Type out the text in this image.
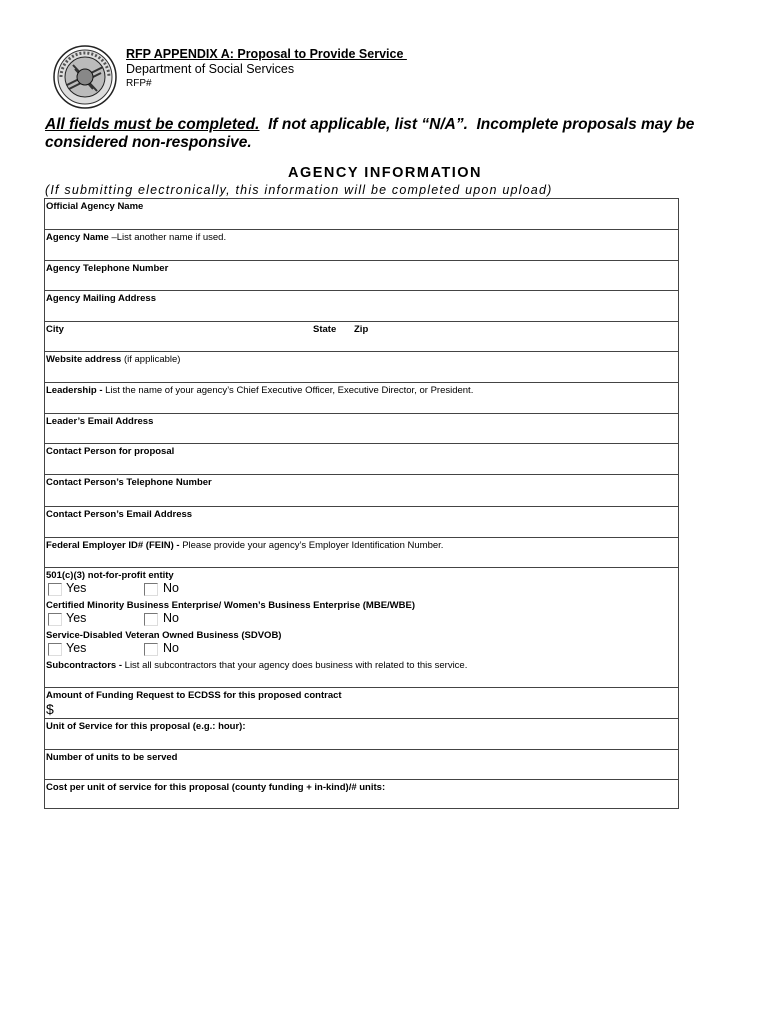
RFP APPENDIX A: Proposal to Provide Service
Department of Social Services
RFP#
All fields must be completed.  If not applicable, list “N/A”.  Incomplete proposals may be considered non-responsive.
AGENCY INFORMATION
(If submitting electronically, this information will be completed upon upload)
Official Agency Name
Agency Name –List another name if used.
Agency Telephone Number
Agency Mailing Address
City	State Zip
Website address (if applicable)
Leadership - List the name of your agency’s Chief Executive Officer, Executive Director, or President.
Leader’s Email Address
Contact Person for proposal
Contact Person’s Telephone Number
Contact Person’s Email Address
Federal Employer ID# (FEIN) - Please provide your agency’s Employer Identification Number.
501(c)(3) not-for-profit entity
Yes	No
Certified Minority Business Enterprise/ Women’s Business Enterprise (MBE/WBE)
Yes	No
Service-Disabled Veteran Owned Business (SDVOB)
Yes	No
Subcontractors - List all subcontractors that your agency does business with related to this service.
Amount of Funding Request to ECDSS for this proposed contract
$
Unit of Service for this proposal (e.g.: hour):
Number of units to be served
Cost per unit of service for this proposal (county funding + in-kind)/# units:
